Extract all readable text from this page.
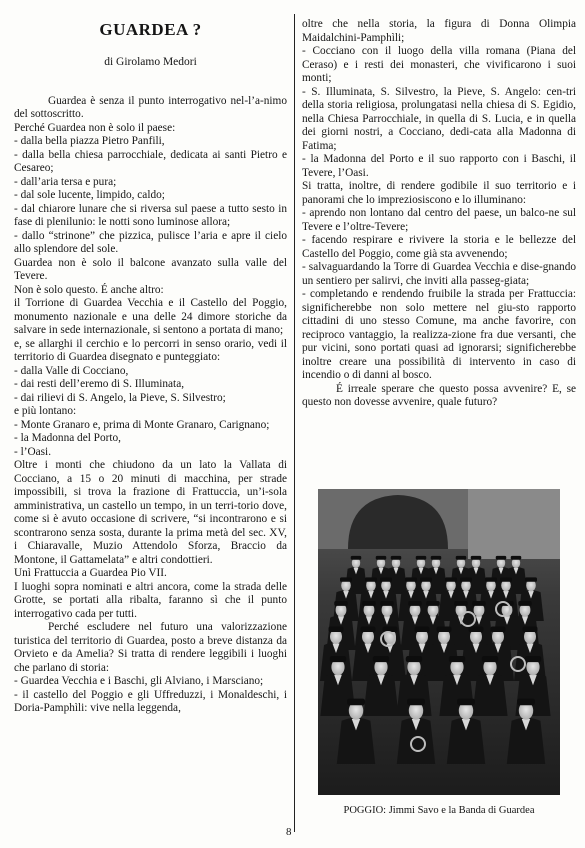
GUARDEA ?
di Girolamo Medori

Guardea è senza il punto interrogativo nel-l’a-nimo del sottoscritto.

Perché Guardea non è solo il paese:

- dalla bella piazza Pietro Panfili,

- dalla bella chiesa parrocchiale, dedicata ai santi Pietro e Cesareo;

- dall’aria tersa e pura;

- dal sole lucente, limpido, caldo;

- dal chiarore lunare che si riversa sul paese a tutto sesto in fase di plenilunio: le notti sono luminose allora;

- dallo “strinone” che pizzica, pulisce l’aria e apre il cielo allo splendore del sole.

Guardea non è solo il balcone avanzato sulla valle del Tevere.

Non è solo questo. É anche altro:

il Torrione di Guardea Vecchia e il Castello del Poggio, monumento nazionale e una delle 24 dimore storiche da salvare in sede internazionale, si sentono a portata di mano;

e, se allarghi il cerchio e lo percorri in senso orario, vedi il territorio di Guardea disegnato e punteggiato:

- dalla Valle di Cocciano,

- dai resti dell’eremo di S. Illuminata,

- dai rilievi di S. Angelo, la Pieve, S. Silvestro;

e più lontano:

- Monte Granaro e, prima di Monte Granaro, Carignano;

- la Madonna del Porto,

- l’Oasi.

Oltre i monti che chiudono da un lato la Vallata di Cocciano, a 15 o 20 minuti di macchina, per strade impossibili, si trova la frazione di Frattuccia, un’i-sola amministrativa, un castello un tempo, in un terri-torio dove, come si è avuto occasione di scrivere, “si incontrarono e si scontrarono senza sosta, durante la prima metà del sec. XV, i Chiaravalle, Muzio Attendolo Sforza, Braccio da Montone, il Gattamelata” e altri condottieri.

Unì Frattuccia a Guardea Pio VII.

I luoghi sopra nominati e altri ancora, come la strada delle Grotte, se portati alla ribalta, faranno sì che il punto interrogativo cada per tutti.

Perché escludere nel futuro una valorizzazione turistica del territorio di Guardea, posto a breve distanza da Orvieto e da Amelia? Si tratta di rendere leggibili i luoghi che parlano di storia:

- Guardea Vecchia e i Baschi, gli Alviano, i Marsciano;

- il castello del Poggio e gli Uffreduzzi, i Monaldeschi, i Doria-Pamphìli: vive nella leggenda,

oltre che nella storia, la figura di Donna Olimpia Maidalchini-Pamphìli;

- Cocciano con il luogo della villa romana (Piana del Ceraso) e i resti dei monasteri, che vivificarono i suoi monti;

- S. Illuminata, S. Silvestro, la Pieve, S. Angelo: cen-tri della storia religiosa, prolungatasi nella chiesa di S. Egidio, nella Chiesa Parrocchiale, in quella di S. Lucia, e in quella dei giorni nostri, a Cocciano, dedi-cata alla Madonna di Fatima;

- la Madonna del Porto e il suo rapporto con i Baschi, il Tevere, l’Oasi.

Si tratta, inoltre, di rendere godibile il suo territorio e i panorami che lo impreziosiscono e lo illuminano:

- aprendo non lontano dal centro del paese, un balco-ne sul Tevere e l’oltre-Tevere;

- facendo respirare e rivivere la storia e le bellezze del Castello del Poggio, come già sta avvenendo;

- salvaguardando la Torre di Guardea Vecchia e dise-gnando un sentiero per salirvi, che inviti alla passeg-giata;

- completando e rendendo fruibile la strada per Frattuccia: significherebbe non solo mettere nel giu-sto rapporto cittadini di uno stesso Comune, ma anche favorire, con reciproco vantaggio, la realizza-zione fra due versanti, che pur vicini, sono portati quasi ad ignorarsi; significherebbe inoltre creare una possibilità di intervento in caso di incendio o di danni al bosco.

É irreale sperare che questo possa avvenire? E, se questo non dovesse avvenire, quale futuro?

POGGIO: Jimmi Savo e la Banda di Guardea
8
